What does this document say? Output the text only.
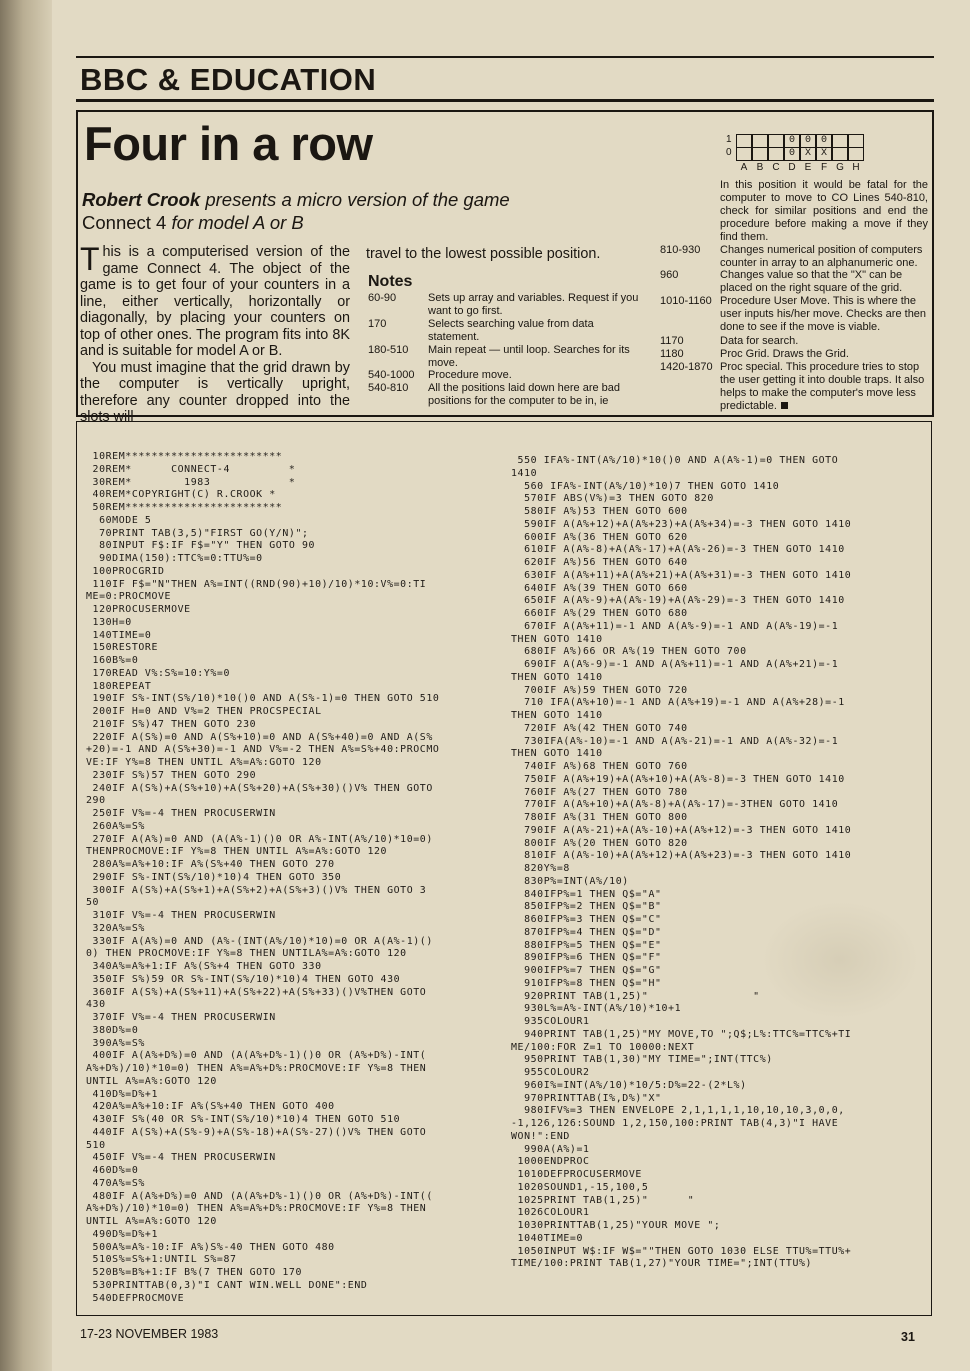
BBC & EDUCATION
Four in a row
Robert Crook presents a micro version of the game Connect 4 for model A or B

This is a computerised version of the game Connect 4. The object of the game is to get four of your counters in a line, either vertically, horizontally or diagonally, by placing your counters on top of other ones. The program fits into 8K and is suitable for model A or B.

You must imagine that the grid drawn by the computer is vertically upright, therefore any counter dropped into the slots will

travel to the lowest possible position.
Notes
60-90	Sets up array and variables. Request if you want to go first.
170	Selects searching value from data statement.
180-510	Main repeat — until loop. Searches for its move.
540-1000	Procedure move.
540-810	All the positions laid down here are bad positions for the computer to be in, ie
1
0
0 0 0
0 X X
A B C D E F G H
In this position it would be fatal for the computer to move to CO Lines 540-810, check for similar positions and end the procedure before making a move if they find them.
810-930	Changes numerical position of computers counter in array to an alphanumeric one.
960	Changes value so that the "X" can be placed on the right square of the grid.
1010-1160 Procedure User Move. This is where the user inputs his/her move. Checks are then done to see if the move is viable.
1170	Data for search.
1180	Proc Grid. Draws the Grid.
1420-1870 Proc special. This procedure tries to stop the user getting it into double traps. It also helps to make the computer's move less predictable.
10REM************************
20REM*      CONNECT-4         *
30REM*        1983            *
40REM*COPYRIGHT(C) R.CROOK *
50REM************************
60MODE 5
70PRINT TAB(3,5)"FIRST GO(Y/N)";
80INPUT F$:IF F$="Y" THEN GOTO 90
90DIMA(150):TTC%=0:TTU%=0
100PROCGRID
110IF F$="N"THEN A%=INT((RND(90)+10)/10)*10:V%=0:TI
ME=0:PROCMOVE
120PROCUSERMOVE
130H=0
140TIME=0
150RESTORE
160B%=0
170READ V%:S%=10:Y%=0
180REPEAT
190IF S%-INT(S%/10)*10()0 AND A(S%-1)=0 THEN GOTO 510
200IF H=0 AND V%=2 THEN PROCSPECIAL
210IF S%)47 THEN GOTO 230
220IF A(S%)=0 AND A(S%+10)=0 AND A(S%+40)=0 AND A(S%
+20)=-1 AND A(S%+30)=-1 AND V%=-2 THEN A%=S%+40:PROCMO
VE:IF Y%=8 THEN UNTIL A%=A%:GOTO 120
230IF S%)57 THEN GOTO 290
240IF A(S%)+A(S%+10)+A(S%+20)+A(S%+30)()V% THEN GOTO
290
250IF V%=-4 THEN PROCUSERWIN
260A%=S%
270IF A(A%)=0 AND (A(A%-1)()0 OR A%-INT(A%/10)*10=0)
THENPROCMOVE:IF Y%=8 THEN UNTIL A%=A%:GOTO 120
280A%=A%+10:IF A%(S%+40 THEN GOTO 270
290IF S%-INT(S%/10)*10)4 THEN GOTO 350
300IF A(S%)+A(S%+1)+A(S%+2)+A(S%+3)()V% THEN GOTO 3
50
310IF V%=-4 THEN PROCUSERWIN
320A%=S%
330IF A(A%)=0 AND (A%-(INT(A%/10)*10)=0 OR A(A%-1)()
0) THEN PROCMOVE:IF Y%=8 THEN UNTILA%=A%:GOTO 120
340A%=A%+1:IF A%(S%+4 THEN GOTO 330
350IF S%)59 OR S%-INT(S%/10)*10)4 THEN GOTO 430
360IF A(S%)+A(S%+11)+A(S%+22)+A(S%+33)()V%THEN GOTO
430
370IF V%=-4 THEN PROCUSERWIN
380D%=0
390A%=S%
400IF A(A%+D%)=0 AND (A(A%+D%-1)()0 OR (A%+D%)-INT(
A%+D%)/10)*10=0) THEN A%=A%+D%:PROCMOVE:IF Y%=8 THEN
UNTIL A%=A%:GOTO 120
410D%=D%+1
420A%=A%+10:IF A%(S%+40 THEN GOTO 400
430IF S%(40 OR S%-INT(S%/10)*10)4 THEN GOTO 510
440IF A(S%)+A(S%-9)+A(S%-18)+A(S%-27)()V% THEN GOTO
510
450IF V%=-4 THEN PROCUSERWIN
460D%=0
470A%=S%
480IF A(A%+D%)=0 AND (A(A%+D%-1)()0 OR (A%+D%)-INT((
A%+D%)/10)*10=0) THEN A%=A%+D%:PROCMOVE:IF Y%=8 THEN
UNTIL A%=A%:GOTO 120
490D%=D%+1
500A%=A%-10:IF A%)S%-40 THEN GOTO 480
510S%=S%+1:UNTIL S%=87
520B%=B%+1:IF B%(7 THEN GOTO 170
530PRINTTAB(0,3)"I CANT WIN.WELL DONE":END
540DEFPROCMOVE
550 IFA%-INT(A%/10)*10()0 AND A(A%-1)=0 THEN GOTO
1410
560 IFA%-INT(A%/10)*10)7 THEN GOTO 1410
570IF ABS(V%)=3 THEN GOTO 820
580IF A%)53 THEN GOTO 600
590IF A(A%+12)+A(A%+23)+A(A%+34)=-3 THEN GOTO 1410
600IF A%(36 THEN GOTO 620
610IF A(A%-8)+A(A%-17)+A(A%-26)=-3 THEN GOTO 1410
620IF A%)56 THEN GOTO 640
630IF A(A%+11)+A(A%+21)+A(A%+31)=-3 THEN GOTO 1410
640IF A%(39 THEN GOTO 660
650IF A(A%-9)+A(A%-19)+A(A%-29)=-3 THEN GOTO 1410
660IF A%(29 THEN GOTO 680
670IF A(A%+11)=-1 AND A(A%-9)=-1 AND A(A%-19)=-1
THEN GOTO 1410
680IF A%)66 OR A%(19 THEN GOTO 700
690IF A(A%-9)=-1 AND A(A%+11)=-1 AND A(A%+21)=-1
THEN GOTO 1410
700IF A%)59 THEN GOTO 720
710 IFA(A%+10)=-1 AND A(A%+19)=-1 AND A(A%+28)=-1
THEN GOTO 1410
720IF A%(42 THEN GOTO 740
730IFA(A%-10)=-1 AND A(A%-21)=-1 AND A(A%-32)=-1
THEN GOTO 1410
740IF A%)68 THEN GOTO 760
750IF A(A%+19)+A(A%+10)+A(A%-8)=-3 THEN GOTO 1410
760IF A%(27 THEN GOTO 780
770IF A(A%+10)+A(A%-8)+A(A%-17)=-3THEN GOTO 1410
780IF A%(31 THEN GOTO 800
790IF A(A%-21)+A(A%-10)+A(A%+12)=-3 THEN GOTO 1410
800IF A%(20 THEN GOTO 820
810IF A(A%-10)+A(A%+12)+A(A%+23)=-3 THEN GOTO 1410
820Y%=8
830P%=INT(A%/10)
840IFP%=1 THEN Q$="A"
850IFP%=2 THEN Q$="B"
860IFP%=3 THEN Q$="C"
870IFP%=4 THEN Q$="D"
880IFP%=5 THEN Q$="E"
890IFP%=6 THEN Q$="F"
900IFP%=7 THEN Q$="G"
910IFP%=8 THEN Q$="H"
920PRINT TAB(1,25)"                "
930L%=A%-INT(A%/10)*10+1
935COLOUR1
940PRINT TAB(1,25)"MY MOVE,TO ";Q$;L%:TTC%=TTC%+TI
ME/100:FOR Z=1 TO 10000:NEXT
950PRINT TAB(1,30)"MY TIME=";INT(TTC%)
955COLOUR2
960I%=INT(A%/10)*10/5:D%=22-(2*L%)
970PRINTTAB(I%,D%)"X"
980IFV%=3 THEN ENVELOPE 2,1,1,1,1,10,10,10,3,0,0,
-1,126,126:SOUND 1,2,150,100:PRINT TAB(4,3)"I HAVE
WON!":END
990A(A%)=1
1000ENDPROC
1010DEFPROCUSERMOVE
1020SOUND1,-15,100,5
1025PRINT TAB(1,25)"      "
1026COLOUR1
1030PRINTTAB(1,25)"YOUR MOVE ";
1040TIME=0
1050INPUT W$:IF W$=""THEN GOTO 1030 ELSE TTU%=TTU%+
TIME/100:PRINT TAB(1,27)"YOUR TIME=";INT(TTU%)
17-23 NOVEMBER 1983	31
